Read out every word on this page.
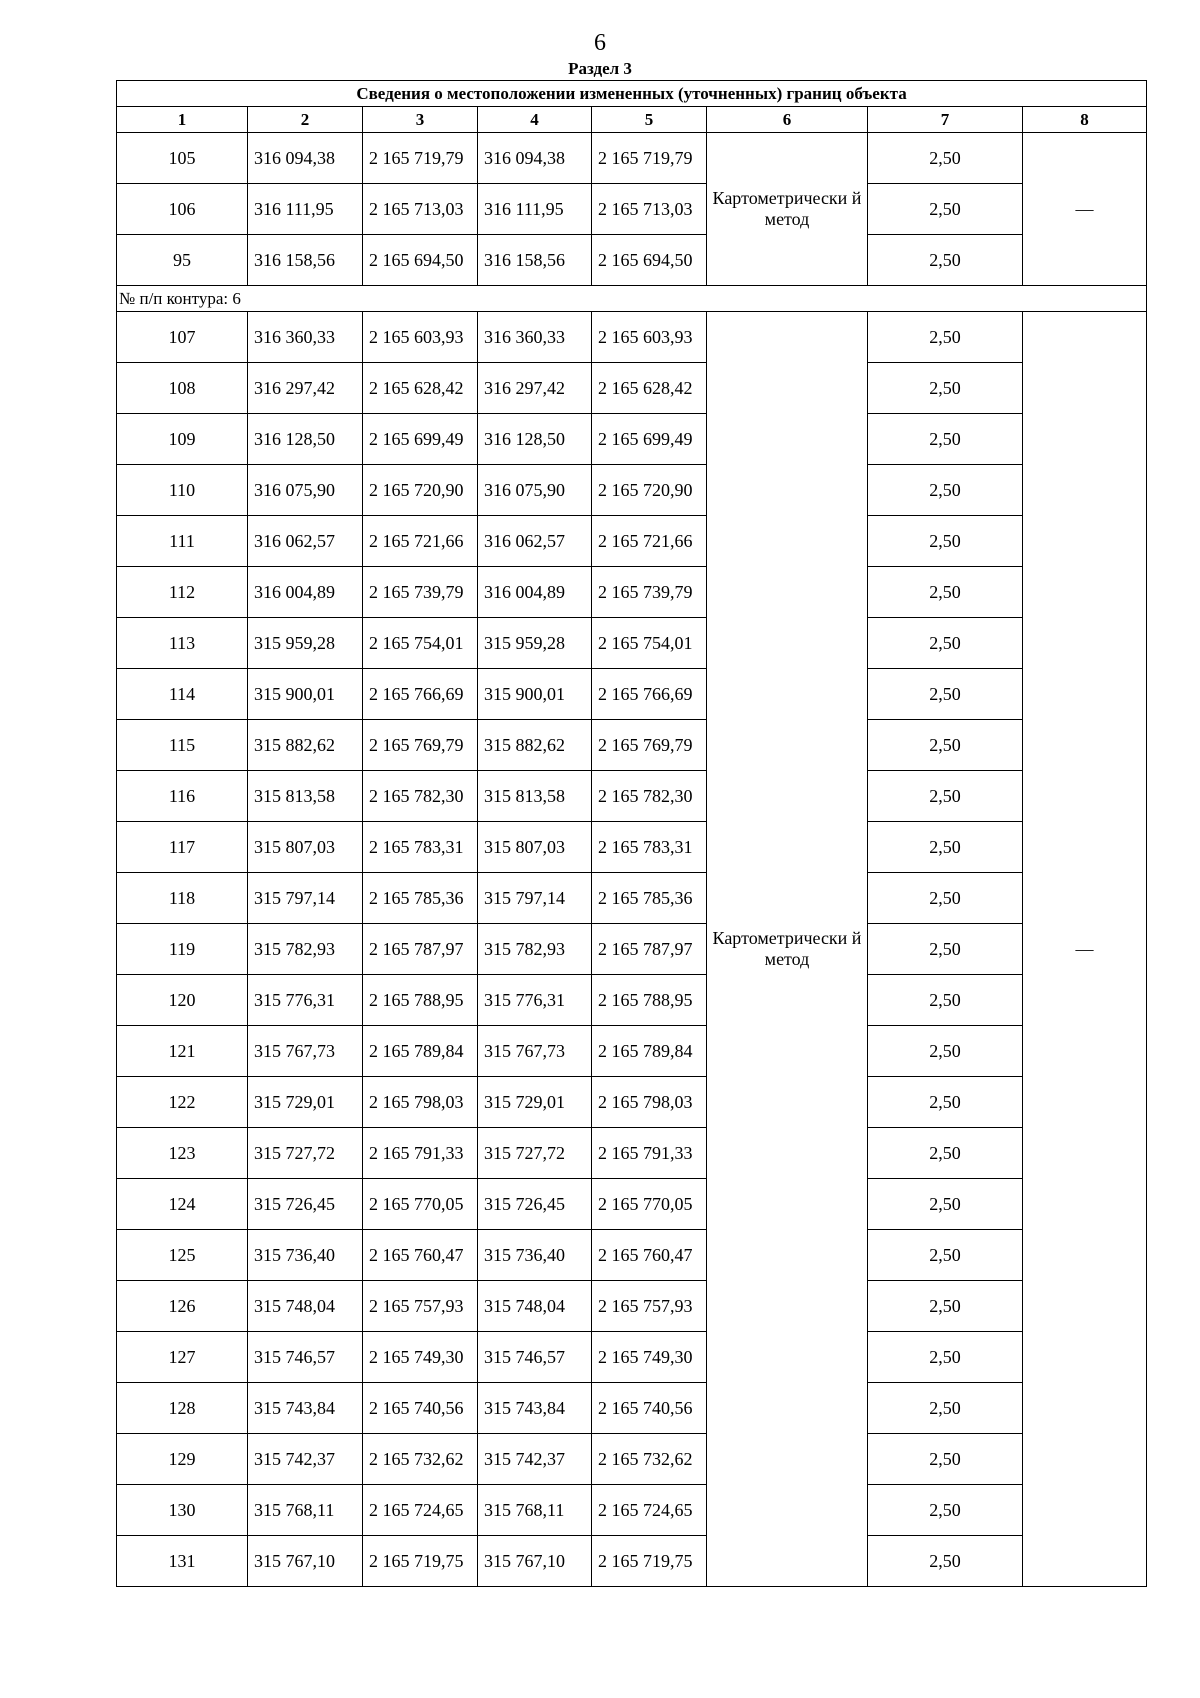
6
Раздел 3
Сведения о местоположении измененных (уточненных) границ объекта							
1	2	3	4	5	6	7	8
105	316 094,38	2 165 719,79	316 094,38	2 165 719,79	Картометрически й метод	2,50	—
106	316 111,95	2 165 713,03	316 111,95	2 165 713,03		2,50	
95	316 158,56	2 165 694,50	316 158,56	2 165 694,50		2,50	
№ п/п контура: 6							
107	316 360,33	2 165 603,93	316 360,33	2 165 603,93	Картометрически й метод	2,50	—
108	316 297,42	2 165 628,42	316 297,42	2 165 628,42		2,50	
109	316 128,50	2 165 699,49	316 128,50	2 165 699,49		2,50	
110	316 075,90	2 165 720,90	316 075,90	2 165 720,90		2,50	
111	316 062,57	2 165 721,66	316 062,57	2 165 721,66		2,50	
112	316 004,89	2 165 739,79	316 004,89	2 165 739,79		2,50	
113	315 959,28	2 165 754,01	315 959,28	2 165 754,01		2,50	
114	315 900,01	2 165 766,69	315 900,01	2 165 766,69		2,50	
115	315 882,62	2 165 769,79	315 882,62	2 165 769,79		2,50	
116	315 813,58	2 165 782,30	315 813,58	2 165 782,30		2,50	
117	315 807,03	2 165 783,31	315 807,03	2 165 783,31		2,50	
118	315 797,14	2 165 785,36	315 797,14	2 165 785,36		2,50	
119	315 782,93	2 165 787,97	315 782,93	2 165 787,97		2,50	
120	315 776,31	2 165 788,95	315 776,31	2 165 788,95		2,50	
121	315 767,73	2 165 789,84	315 767,73	2 165 789,84		2,50	
122	315 729,01	2 165 798,03	315 729,01	2 165 798,03		2,50	
123	315 727,72	2 165 791,33	315 727,72	2 165 791,33		2,50	
124	315 726,45	2 165 770,05	315 726,45	2 165 770,05		2,50	
125	315 736,40	2 165 760,47	315 736,40	2 165 760,47		2,50	
126	315 748,04	2 165 757,93	315 748,04	2 165 757,93		2,50	
127	315 746,57	2 165 749,30	315 746,57	2 165 749,30		2,50	
128	315 743,84	2 165 740,56	315 743,84	2 165 740,56		2,50	
129	315 742,37	2 165 732,62	315 742,37	2 165 732,62		2,50	
130	315 768,11	2 165 724,65	315 768,11	2 165 724,65		2,50	
131	315 767,10	2 165 719,75	315 767,10	2 165 719,75		2,50	
